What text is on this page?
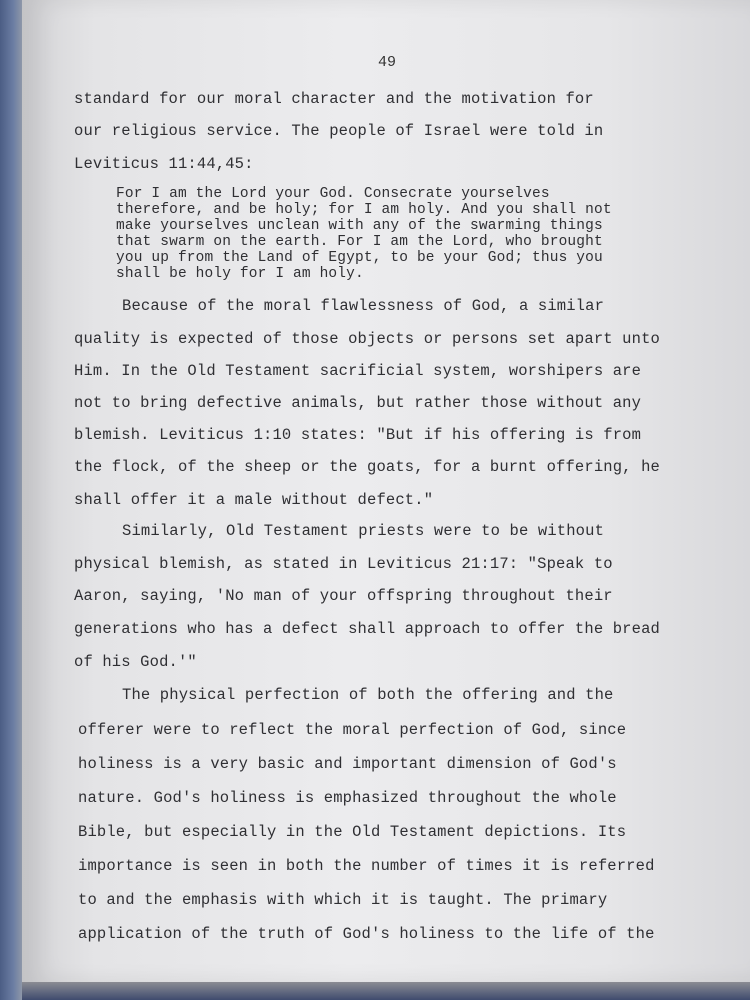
49
standard for our moral character and the motivation for
our religious service. The people of Israel were told in
Leviticus 11:44,45:
For I am the Lord your God. Consecrate yourselves
therefore, and be holy; for I am holy. And you shall not
make yourselves unclean with any of the swarming things
that swarm on the earth. For I am the Lord, who brought
you up from the Land of Egypt, to be your God; thus you
shall be holy for I am holy.
Because of the moral flawlessness of God, a similar
quality is expected of those objects or persons set apart unto
Him. In the Old Testament sacrificial system, worshipers are
not to bring defective animals, but rather those without any
blemish. Leviticus 1:10 states: "But if his offering is from
the flock, of the sheep or the goats, for a burnt offering, he
shall offer it a male without defect."
Similarly, Old Testament priests were to be without
physical blemish, as stated in Leviticus 21:17: "Speak to
Aaron, saying, 'No man of your offspring throughout their
generations who has a defect shall approach to offer the bread
of his God.'"
The physical perfection of both the offering and the
offerer were to reflect the moral perfection of God, since
holiness is a very basic and important dimension of God's
nature. God's holiness is emphasized throughout the whole
Bible, but especially in the Old Testament depictions. Its
importance is seen in both the number of times it is referred
to and the emphasis with which it is taught. The primary
application of the truth of God's holiness to the life of the
